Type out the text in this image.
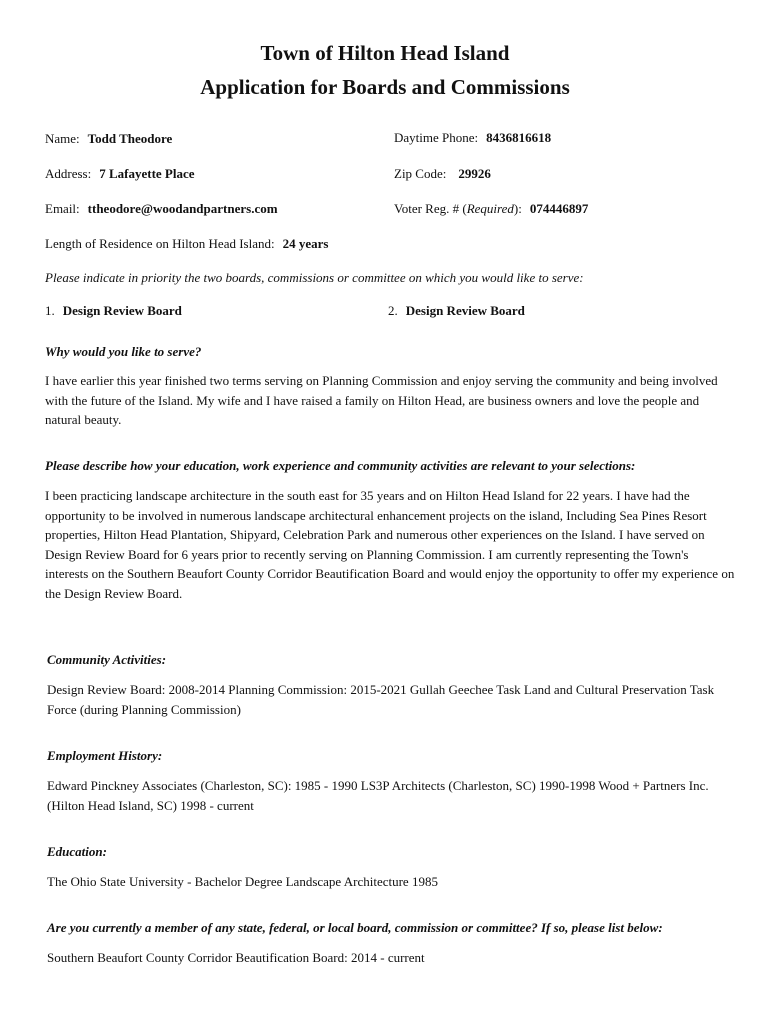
Town of Hilton Head Island
Application for Boards and Commissions
Name: Todd Theodore	Daytime Phone: 8436816618
Address: 7 Lafayette Place	Zip Code: 29926
Email: ttheodore@woodandpartners.com	Voter Reg. # (Required): 074446897
Length of Residence on Hilton Head Island: 24 years
Please indicate in priority the two boards, commissions or committee on which you would like to serve:
1. Design Review Board	2. Design Review Board
Why would you like to serve?

I have earlier this year finished two terms serving on Planning Commission and enjoy serving the community and being involved with the future of the Island. My wife and I have raised a family on Hilton Head, are business owners and love the people and natural beauty.

Please describe how your education, work experience and community activities are relevant to your selections:

I been practicing landscape architecture in the south east for 35 years and on Hilton Head Island for 22 years. I have had the opportunity to be involved in numerous landscape architectural enhancement projects on the island, Including Sea Pines Resort properties, Hilton Head Plantation, Shipyard, Celebration Park and numerous other experiences on the Island. I have served on Design Review Board for 6 years prior to recently serving on Planning Commission. I am currently representing the Town's interests on the Southern Beaufort County Corridor Beautification Board and would enjoy the opportunity to offer my experience on the Design Review Board.

Community Activities:

Design Review Board: 2008-2014 Planning Commission: 2015-2021 Gullah Geechee Task Land and Cultural Preservation Task Force (during Planning Commission)

Employment History:

Edward Pinckney Associates (Charleston, SC): 1985 - 1990 LS3P Architects (Charleston, SC) 1990-1998 Wood + Partners Inc. (Hilton Head Island, SC) 1998 - current

Education:

The Ohio State University - Bachelor Degree Landscape Architecture 1985

Are you currently a member of any state, federal, or local board, commission or committee? If so, please list below:

Southern Beaufort County Corridor Beautification Board: 2014 - current
